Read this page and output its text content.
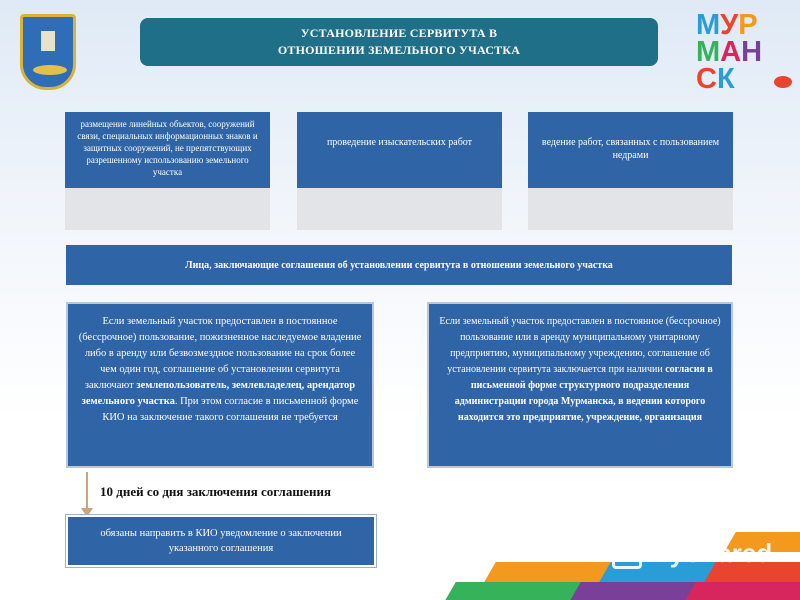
УСТАНОВЛЕНИЕ СЕРВИТУТА В ОТНОШЕНИИ ЗЕМЕЛЬНОГО УЧАСТКА
М У Р
М А Н
С К
размещение линейных объектов, сооружений связи, специальных информационных знаков и защитных сооружений, не препятствующих разрешенному использованию земельного участка
проведение изыскательских работ	ведение работ, связанных с пользованием недрами
Лица, заключающие соглашения об установлении сервитута в отношении земельного участка
Если земельный участок предоставлен в постоянное (бессрочное) пользование, пожизненное наследуемое владение либо в аренду или безвозмездное пользование на срок более чем один год, соглашение об установлении сервитута заключают землепользователь, землевладелец, арендатор земельного участка. При этом согласие в письменной форме КИО на заключение такого соглашения не требуется
Если земельный участок предоставлен в постоянное (бессрочное) пользование или в аренду муниципальному унитарному предприятию, муниципальному учреждению, соглашение об установлении сервитута заключается при наличии согласия в письменной форме структурного подразделения администрации города Мурманска, в ведении которого находится это предприятие, учреждение, организация
10 дней со дня заключения соглашения
обязаны направить в КИО уведомление о заключении указанного соглашения	MyShared
